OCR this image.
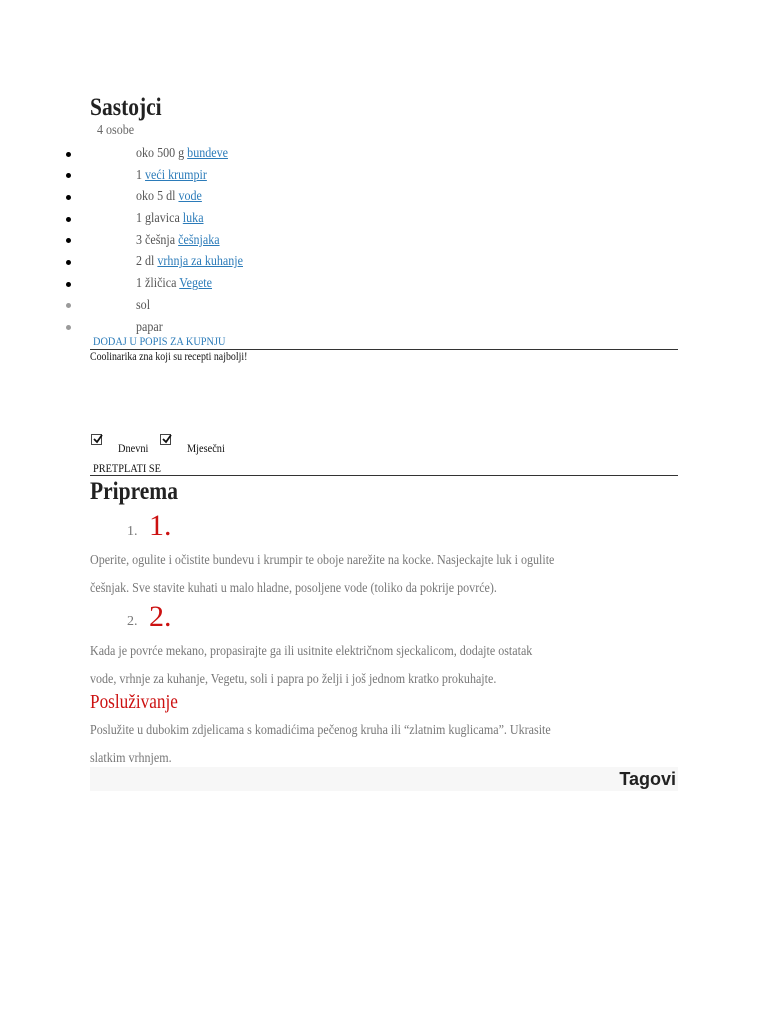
Sastojci
4 osobe
oko 500 g bundeve
1 veći krumpir
oko 5 dl vode
1 glavica luka
3 češnja češnjaka
2 dl vrhnja za kuhanje
1 žličica Vegete
sol
papar
DODAJ U POPIS ZA KUPNJU
Coolinarika zna koji su recepti najbolji!
Dnevni	Mjesečni
PRETPLATI SE
Priprema
1. 1.
Operite, ogulite i očistite bundevu i krumpir te oboje narežite na kocke. Nasjeckajte luk i ogulite
češnjak. Sve stavite kuhati u malo hladne, posoljene vode (toliko da pokrije povrće).
2. 2.
Kada je povrće mekano, propasirajte ga ili usitnite električnom sjeckalicom, dodajte ostatak
vode, vrhnje za kuhanje, Vegetu, soli i papra po želji i još jednom kratko prokuhajte.
Posluživanje
Poslužite u dubokim zdjelicama s komadićima pečenog kruha ili “zlatnim kuglicama”. Ukrasite
slatkim vrhnjem.
Tagovi
